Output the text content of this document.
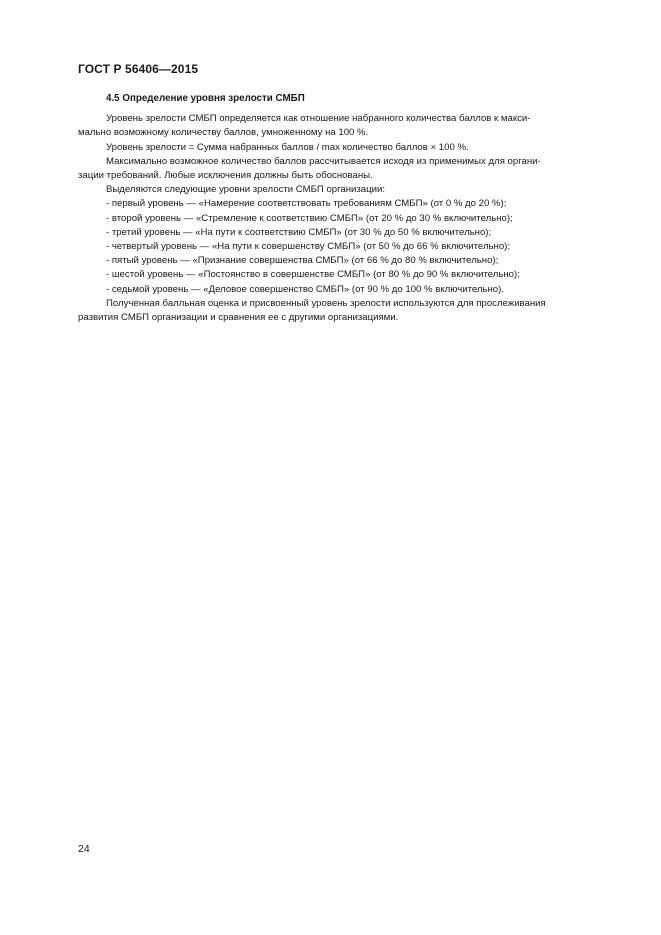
ГОСТ Р 56406—2015

4.5 Определение уровня зрелости СМБП

Уровень зрелости СМБП определяется как отношение набранного количества баллов к макси-

мально возможному количеству баллов, умноженному на 100 %.

Уровень зрелости = Сумма набранных баллов / max количество баллов × 100 %.

Максимально возможное количество баллов рассчитывается исходя из применимых для органи-

зации требований. Любые исключения должны быть обоснованы.

Выделяются следующие уровни зрелости СМБП организации:

- первый уровень — «Намерение соответствовать требованиям СМБП» (от 0 % до 20 %);
- второй уровень — «Стремление к соответствию СМБП» (от 20 % до 30 % включительно);
- третий уровень — «На пути к соответствию СМБП» (от 30 % до 50 % включительно);
- четвертый уровень — «На пути к совершенству СМБП» (от 50 % до 66 % включительно);
- пятый уровень — «Признание совершенства СМБП» (от 66 % до 80 % включительно);
- шестой уровень — «Постоянство в совершенстве СМБП» (от 80 % до 90 % включительно);
- седьмой уровень — «Деловое совершенство СМБП» (от 90 % до 100 % включительно).

Полученная балльная оценка и присвоенный уровень зрелости используются для прослеживания

развития СМБП организации и сравнения ее с другими организациями.

24
